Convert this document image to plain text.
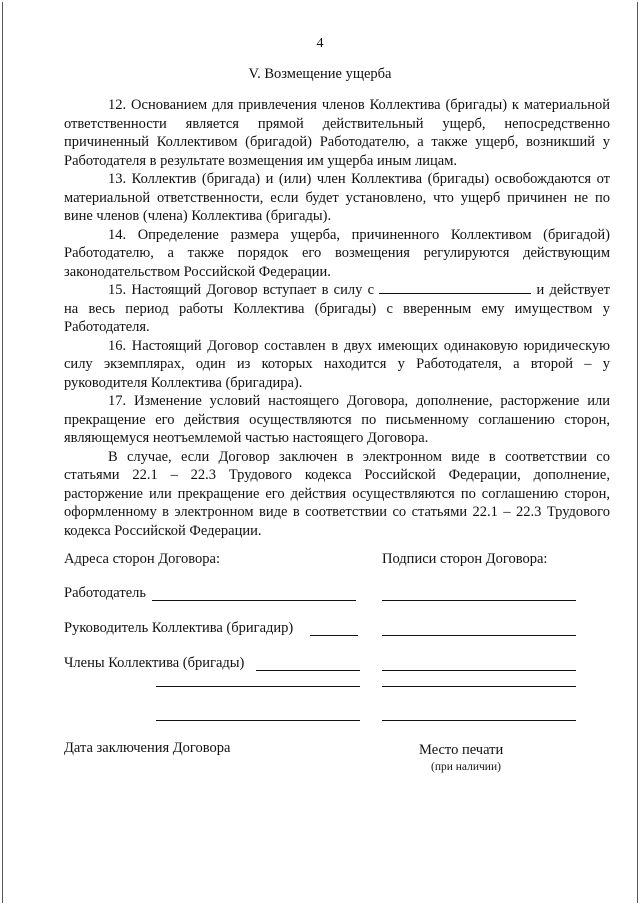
4
V. Возмещение ущерба

12. Основанием для привлечения членов Коллектива (бригады) к материальной ответственности является прямой действительный ущерб, непосредственно причиненный Коллективом (бригадой) Работодателю, а также ущерб, возникший у Работодателя в результате возмещения им ущерба иным лицам.

13. Коллектив (бригада) и (или) член Коллектива (бригады) освобождаются от материальной ответственности, если будет установлено, что ущерб причинен не по вине членов (члена) Коллектива (бригады).

14. Определение размера ущерба, причиненного Коллективом (бригадой) Работодателю, а также порядок его возмещения регулируются действующим законодательством Российской Федерации.

15. Настоящий Договор вступает в силу с	и действует на весь период работы Коллектива (бригады) с вверенным ему имуществом у Работодателя.

16. Настоящий Договор составлен в двух имеющих одинаковую юридическую силу экземплярах, один из которых находится у Работодателя, а второй – у руководителя Коллектива (бригадира).

17. Изменение условий настоящего Договора, дополнение, расторжение или прекращение его действия осуществляются по письменному соглашению сторон, являющемуся неотъемлемой частью настоящего Договора.

В случае, если Договор заключен в электронном виде в соответствии со статьями 22.1 – 22.3 Трудового кодекса Российской Федерации, дополнение, расторжение или прекращение его действия осуществляются по соглашению сторон, оформленному в электронном виде в соответствии со статьями 22.1 – 22.3 Трудового кодекса Российской Федерации.

Адреса сторон Договора:	Подписи сторон Договора:
Работодатель
Руководитель Коллектива (бригадир)
Члены Коллектива (бригады)
Дата заключения Договора	Место печати
(при наличии)
